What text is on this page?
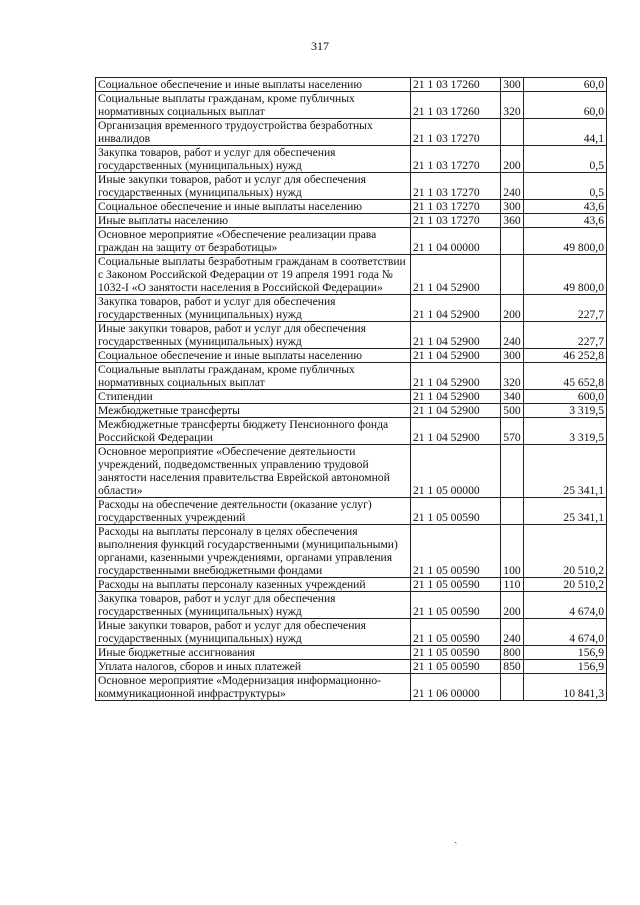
317
Социальное обеспечение и иные выплаты населению	21 1 03 17260	300	60,0
Социальные выплаты гражданам, кроме публичных нормативных социальных выплат	21 1 03 17260	320	60,0
Организация временного трудоустройства безработных инвалидов	21 1 03 17270		44,1
Закупка товаров, работ и услуг для обеспечения государственных (муниципальных) нужд	21 1 03 17270	200	0,5
Иные закупки товаров, работ и услуг для обеспечения государственных (муниципальных) нужд	21 1 03 17270	240	0,5
Социальное обеспечение и иные выплаты населению	21 1 03 17270	300	43,6
Иные выплаты населению	21 1 03 17270	360	43,6
Основное мероприятие «Обеспечение реализации права граждан на защиту от безработицы»	21 1 04 00000		49 800,0
Социальные выплаты безработным гражданам в соответствии с Законом Российской Федерации от 19 апреля 1991 года № 1032-I «О занятости населения в Российской Федерации»	21 1 04 52900		49 800,0
Закупка товаров, работ и услуг для обеспечения государственных (муниципальных) нужд	21 1 04 52900	200	227,7
Иные закупки товаров, работ и услуг для обеспечения государственных (муниципальных) нужд	21 1 04 52900	240	227,7
Социальное обеспечение и иные выплаты населению	21 1 04 52900	300	46 252,8
Социальные выплаты гражданам, кроме публичных нормативных социальных выплат	21 1 04 52900	320	45 652,8
Стипендии	21 1 04 52900	340	600,0
Межбюджетные трансферты	21 1 04 52900	500	3 319,5
Межбюджетные трансферты бюджету Пенсионного фонда Российской Федерации	21 1 04 52900	570	3 319,5
Основное мероприятие «Обеспечение деятельности учреждений, подведомственных управлению трудовой занятости населения правительства Еврейской автономной области»	21 1 05 00000		25 341,1
Расходы на обеспечение деятельности (оказание услуг) государственных учреждений	21 1 05 00590		25 341,1
Расходы на выплаты персоналу в целях обеспечения выполнения функций государственными (муниципальными) органами, казенными учреждениями, органами управления государственными внебюджетными фондами	21 1 05 00590	100	20 510,2
Расходы на выплаты персоналу казенных учреждений	21 1 05 00590	110	20 510,2
Закупка товаров, работ и услуг для обеспечения государственных (муниципальных) нужд	21 1 05 00590	200	4 674,0
Иные закупки товаров, работ и услуг для обеспечения государственных (муниципальных) нужд	21 1 05 00590	240	4 674,0
Иные бюджетные ассигнования	21 1 05 00590	800	156,9
Уплата налогов, сборов и иных платежей	21 1 05 00590	850	156,9
Основное мероприятие «Модернизация информационно-коммуникационной инфраструктуры»	21 1 06 00000		10 841,3
ˏ
